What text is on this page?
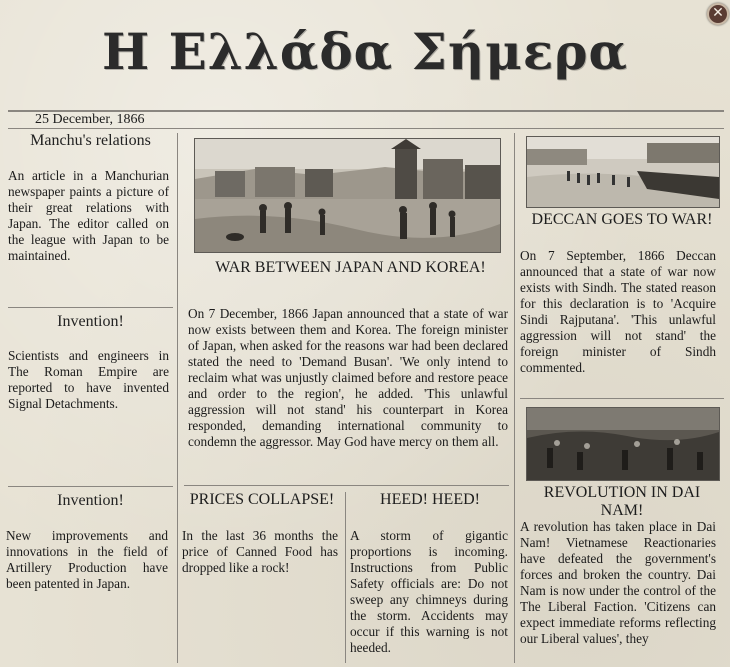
✕
Η Ελλάδα Σήμερα
25 December, 1866
Manchu's relations
An article in a Manchurian newspaper paints a picture of their great relations with Japan. The editor called on the league with Japan to be maintained.
Invention!
Scientists and engineers in The Roman Empire are reported to have invented Signal Detachments.
Invention!
New improvements and innovations in the field of Artillery Production have been patented in Japan.
WAR BETWEEN JAPAN AND KOREA!
On 7 December, 1866 Japan announced that a state of war now exists between them and Korea. The foreign minister of Japan, when asked for the reasons war had been declared stated the need to 'Demand Busan'. 'We only intend to reclaim what was unjustly claimed before and restore peace and order to the region', he added. 'This unlawful aggression will not stand' his counterpart in Korea responded, demanding international community to condemn the aggressor. May God have mercy on them all.
PRICES COLLAPSE!
In the last 36 months the price of Canned Food has dropped like a rock!
HEED! HEED!
A storm of gigantic proportions is incoming. Instructions from Public Safety officials are: Do not sweep any chimneys during the storm. Accidents may occur if this warning is not heeded.
DECCAN GOES TO WAR!
On 7 September, 1866 Deccan announced that a state of war now exists with Sindh. The stated reason for this declaration is to 'Acquire Sindi Rajputana'. 'This unlawful aggression will not stand' the foreign minister of Sindh commented.
REVOLUTION IN DAI NAM!
A revolution has taken place in Dai Nam! Vietnamese Reactionaries have defeated the government's forces and broken the country. Dai Nam is now under the control of the The Liberal Faction. 'Citizens can expect immediate reforms reflecting our Liberal values', they
